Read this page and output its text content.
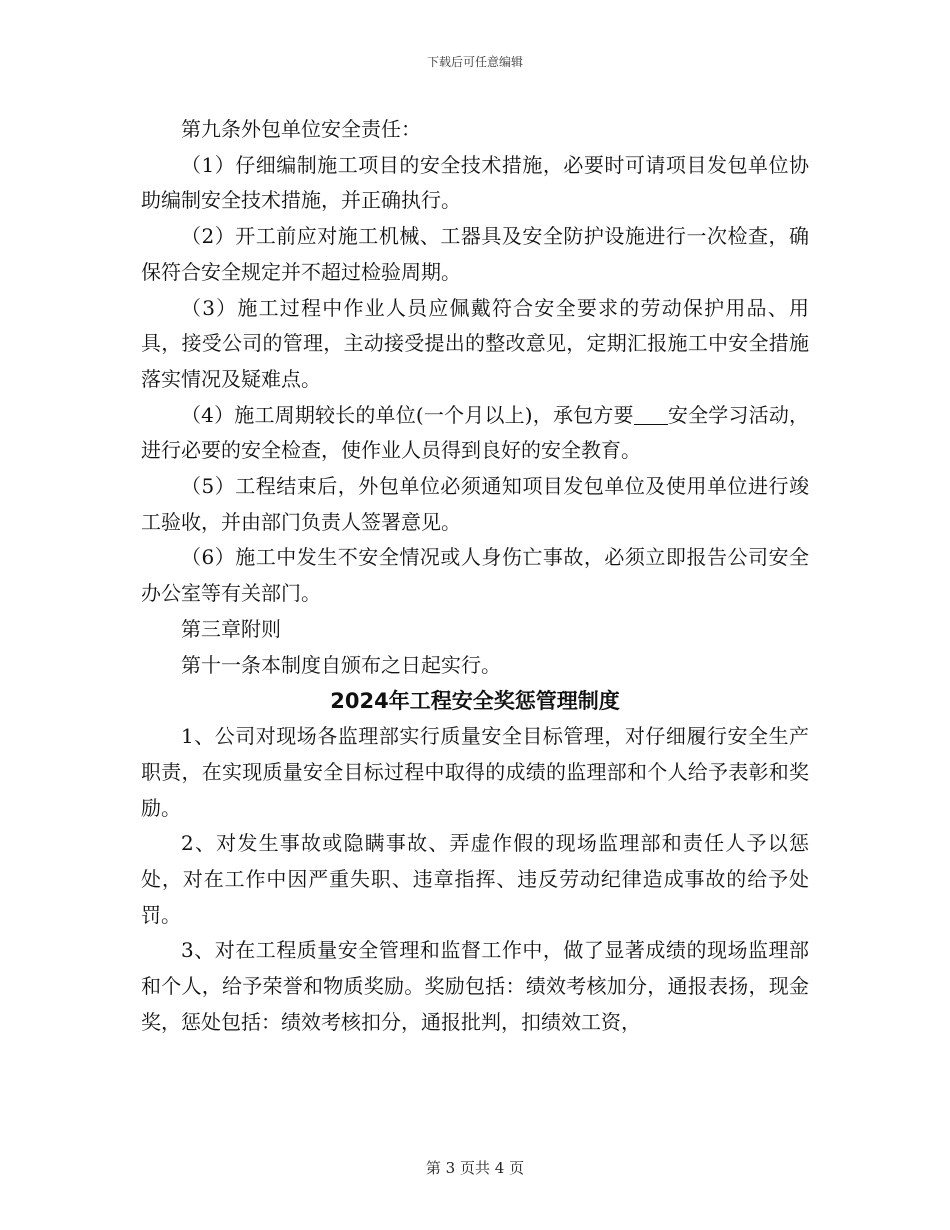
下载后可任意编辑

第九条外包单位安全责任：

（1）仔细编制施工项目的安全技术措施，必要时可请项目发包单位协助编制安全技术措施，并正确执行。

（2）开工前应对施工机械、工器具及安全防护设施进行一次检查，确保符合安全规定并不超过检验周期。

（3）施工过程中作业人员应佩戴符合安全要求的劳动保护用品、用具，接受公司的管理，主动接受提出的整改意见，定期汇报施工中安全措施落实情况及疑难点。

（4）施工周期较长的单位(一个月以上)，承包方要 安全学习活动，进行必要的安全检查，使作业人员得到良好的安全教育。

（5）工程结束后，外包单位必须通知项目发包单位及使用单位进行竣工验收，并由部门负责人签署意见。

（6）施工中发生不安全情况或人身伤亡事故，必须立即报告公司安全办公室等有关部门。

第三章附则

第十一条本制度自颁布之日起实行。

2024年工程安全奖惩管理制度

1、公司对现场各监理部实行质量安全目标管理，对仔细履行安全生产职责，在实现质量安全目标过程中取得的成绩的监理部和个人给予表彰和奖励。

2、对发生事故或隐瞒事故、弄虚作假的现场监理部和责任人予以惩处，对在工作中因严重失职、违章指挥、违反劳动纪律造成事故的给予处罚。

3、对在工程质量安全管理和监督工作中，做了显著成绩的现场监理部和个人，给予荣誉和物质奖励。奖励包括：绩效考核加分，通报表扬，现金奖，惩处包括：绩效考核扣分，通报批判，扣绩效工资，

第 3 页共 4 页
